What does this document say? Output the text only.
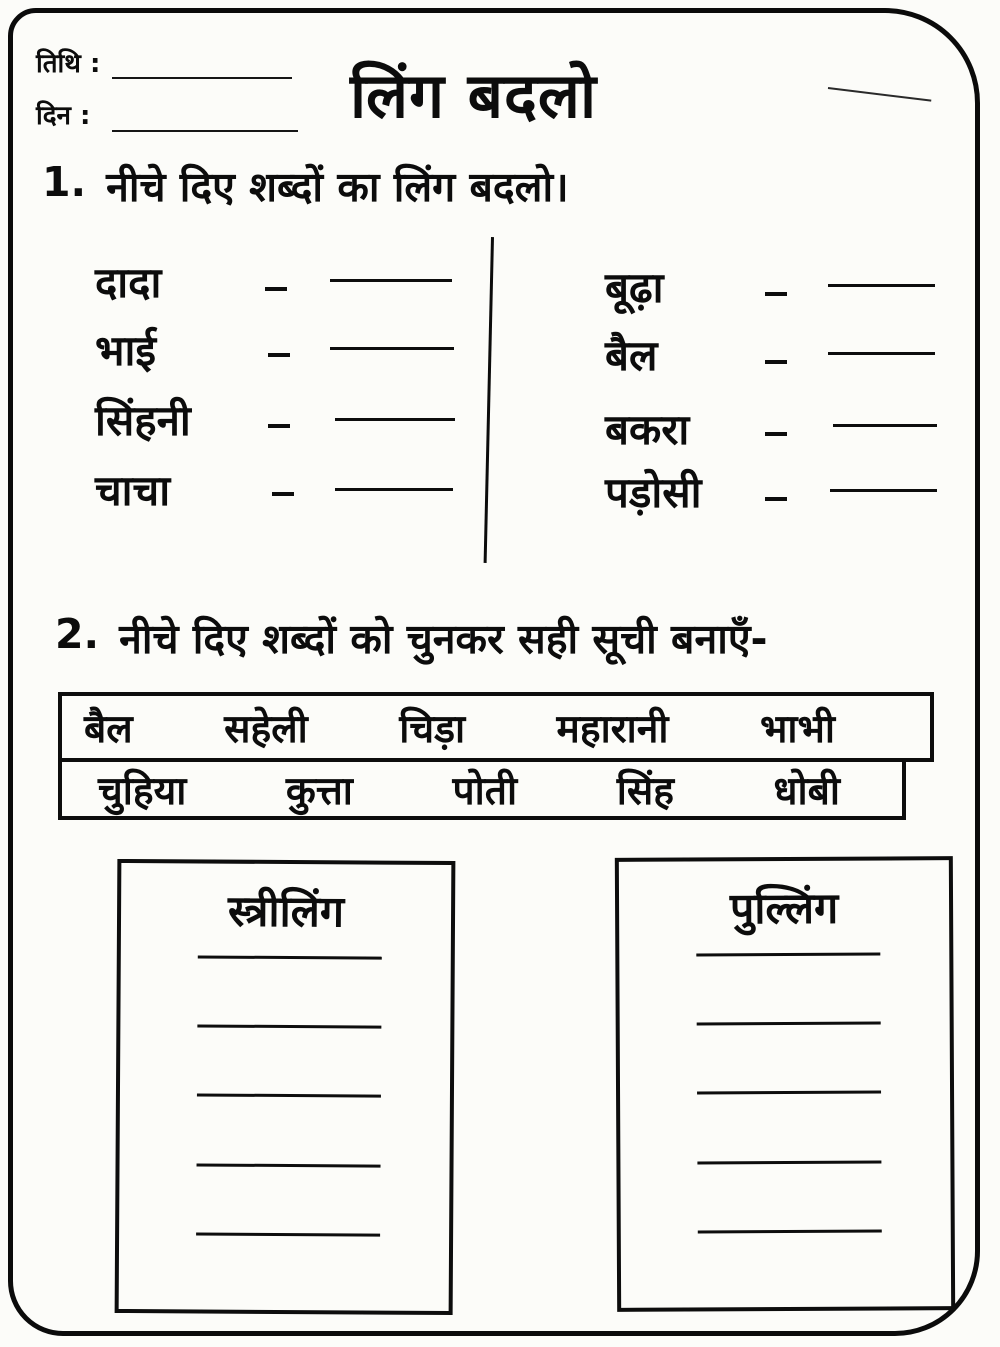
तिथि :
दिन :	लिंग बदलो
1. नीचे दिए शब्दों का लिंग बदलो।
दादा
भाई
सिंहनी
चाचा
बूढ़ा
बैल
बकरा
पड़ोसी
2. नीचे दिए शब्दों को चुनकर सही सूची बनाएँ-
बैल सहेली चिड़ा महारानी भाभी
चुहिया	कुत्ता	पोती	सिंह	धोबी
स्त्रीलिंग	पुल्लिंग
